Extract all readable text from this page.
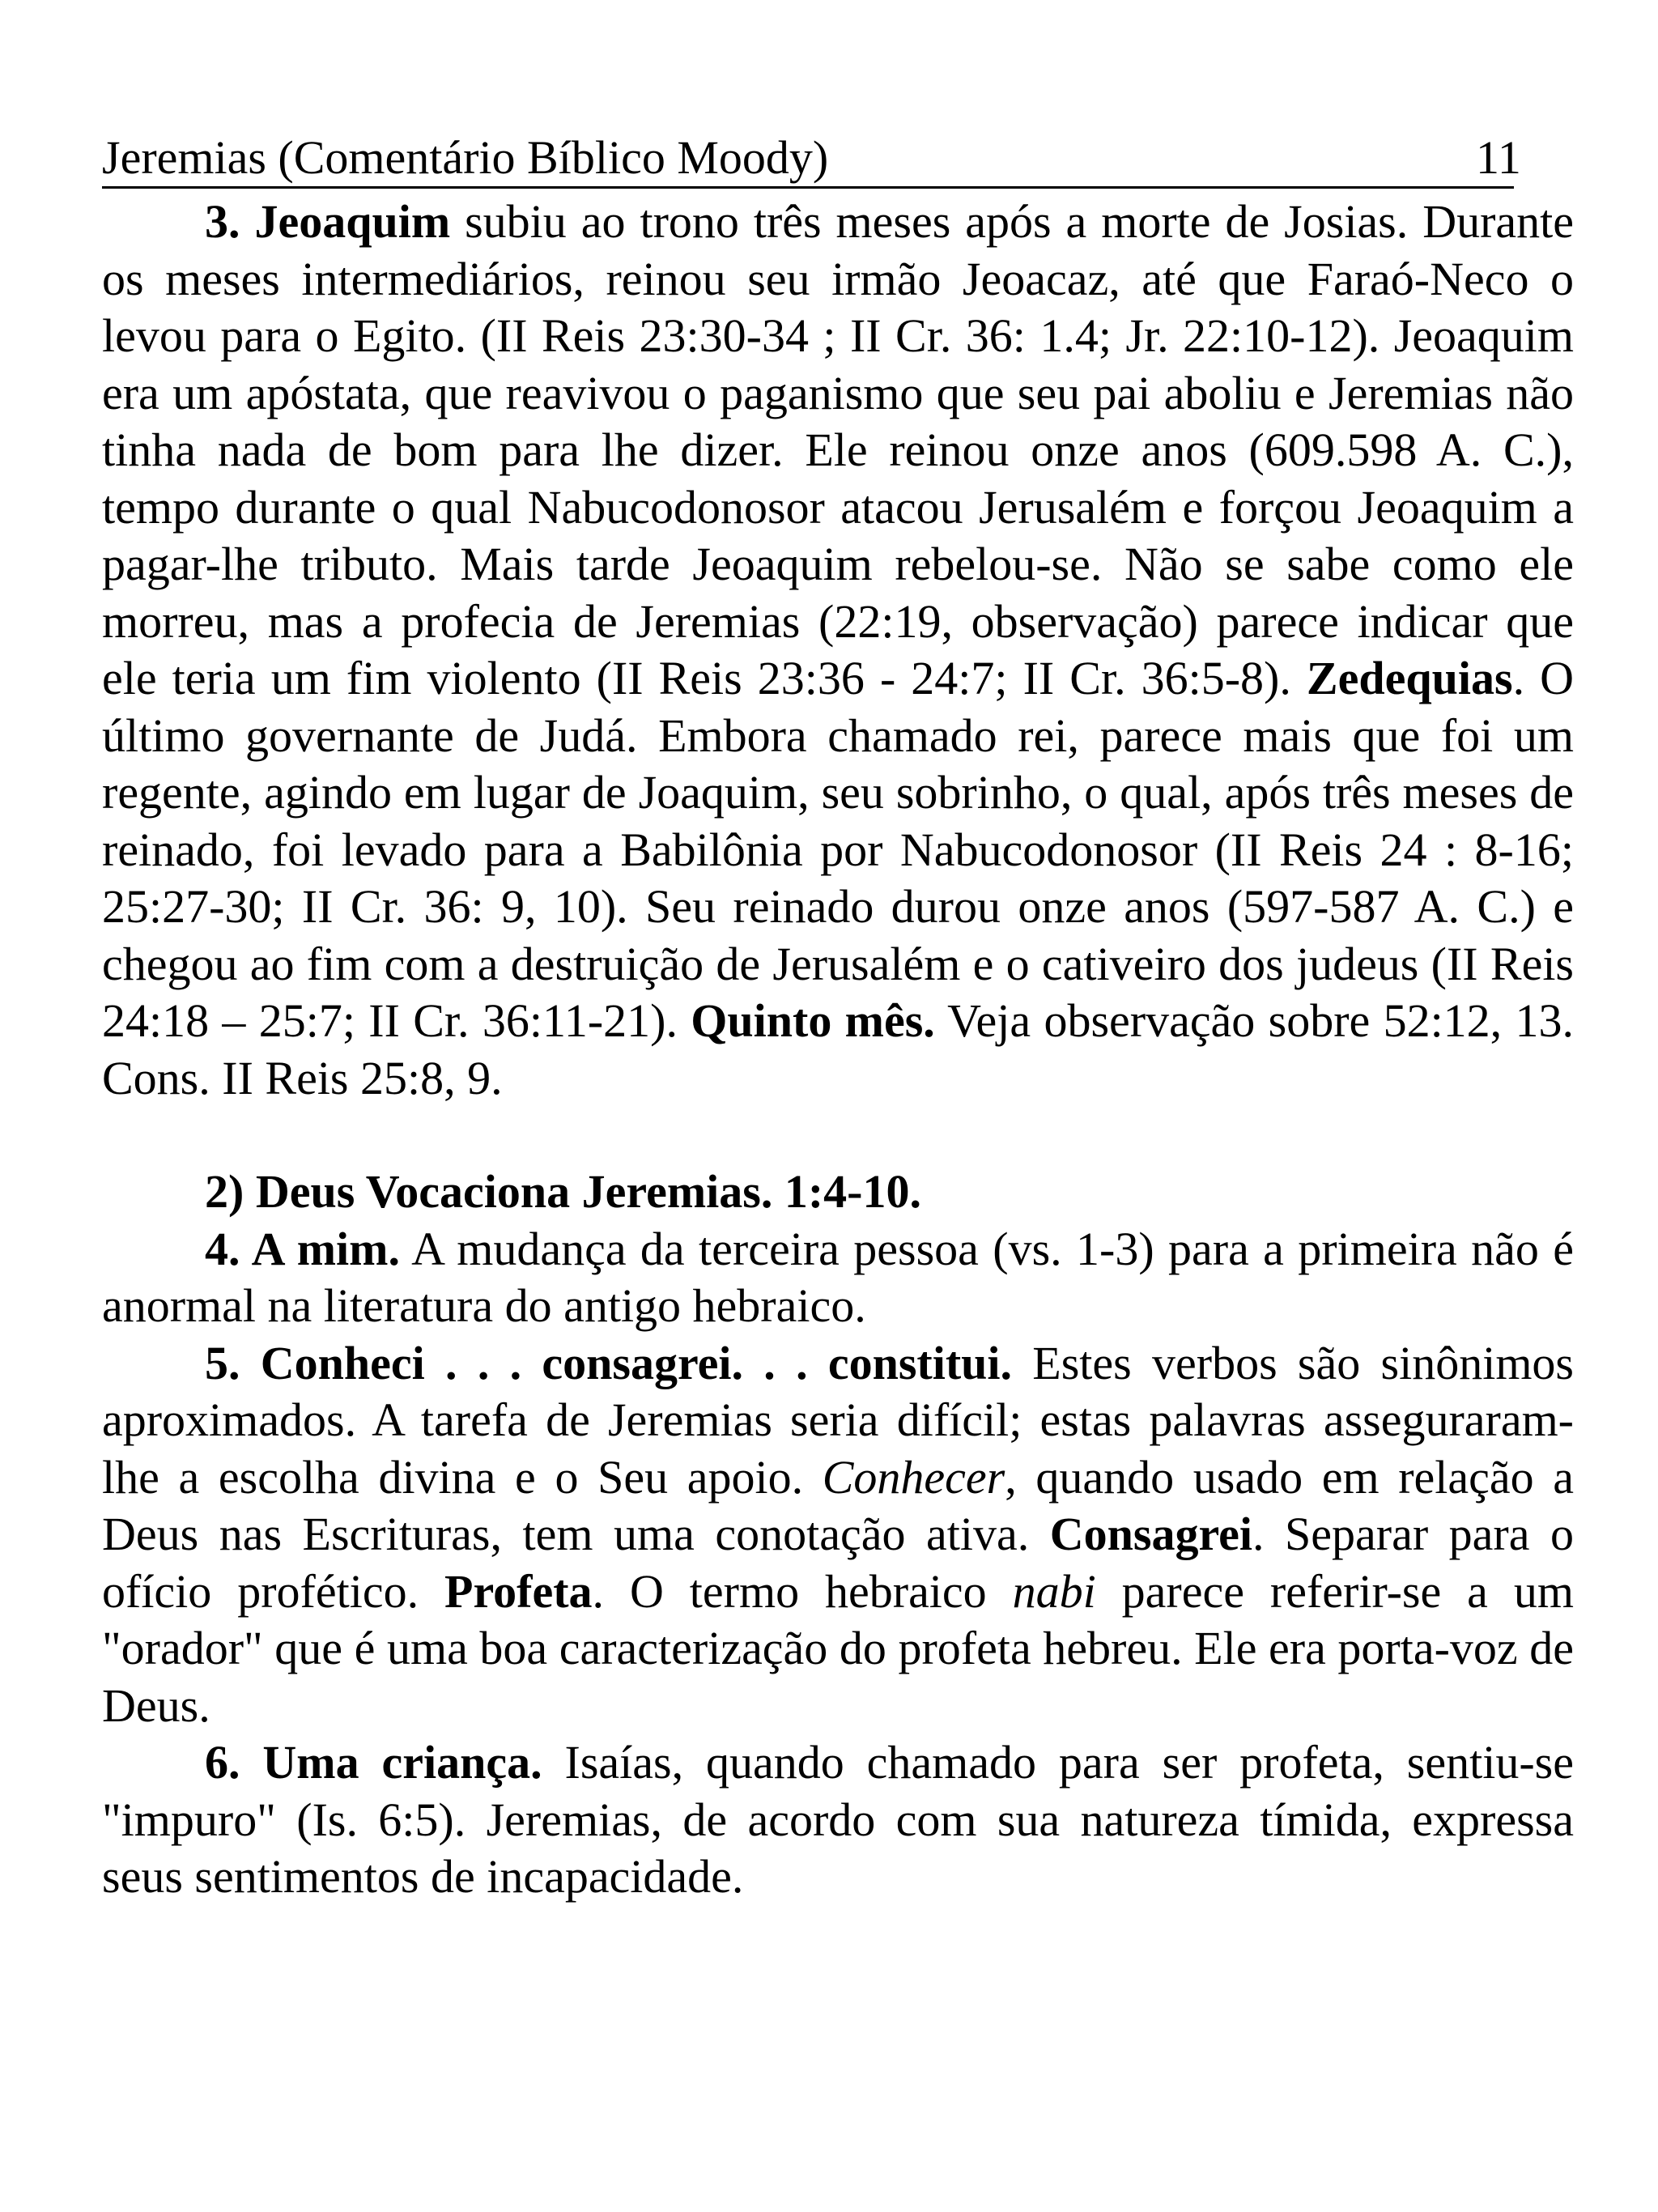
Jeremias (Comentário Bíblico Moody)	11

3. Jeoaquim subiu ao trono três meses após a morte de Josias. Durante os meses intermediários, reinou seu irmão Jeoacaz, até que Faraó-Neco o levou para o Egito. (II Reis 23:30-34 ; II Cr. 36: 1.4; Jr. 22:10-12). Jeoaquim era um apóstata, que reavivou o paganismo que seu pai aboliu e Jeremias não tinha nada de bom para lhe dizer. Ele reinou onze anos (609.598 A. C.), tempo durante o qual Nabucodonosor atacou Jerusalém e forçou Jeoaquim a pagar-lhe tributo. Mais tarde Jeoaquim rebelou-se. Não se sabe como ele morreu, mas a profecia de Jeremias (22:19, observação) parece indicar que ele teria um fim violento (II Reis 23:36 - 24:7; II Cr. 36:5-8). Zedequias. O último governante de Judá. Embora chamado rei, parece mais que foi um regente, agindo em lugar de Joaquim, seu sobrinho, o qual, após três meses de reinado, foi levado para a Babilônia por Nabucodonosor (II Reis 24 : 8-16; 25:27-30; II Cr. 36: 9, 10). Seu reinado durou onze anos (597-587 A. C.) e chegou ao fim com a destruição de Jerusalém e o cativeiro dos judeus (II Reis 24:18 – 25:7; II Cr. 36:11-21). Quinto mês. Veja observação sobre 52:12, 13. Cons. II Reis 25:8, 9.

2) Deus Vocaciona Jeremias. 1:4-10.

4. A mim. A mudança da terceira pessoa (vs. 1-3) para a primeira não é anormal na literatura do antigo hebraico.

5. Conheci . . . consagrei. . . constitui. Estes verbos são sinônimos aproximados. A tarefa de Jeremias seria difícil; estas palavras asseguraram-lhe a escolha divina e o Seu apoio. Conhecer, quando usado em relação a Deus nas Escrituras, tem uma conotação ativa. Consagrei. Separar para o ofício profético. Profeta. O termo hebraico nabi parece referir-se a um "orador" que é uma boa caracterização do profeta hebreu. Ele era porta-voz de Deus.

6. Uma criança. Isaías, quando chamado para ser profeta, sentiu-se "impuro" (Is. 6:5). Jeremias, de acordo com sua natureza tímida, expressa seus sentimentos de incapacidade.
